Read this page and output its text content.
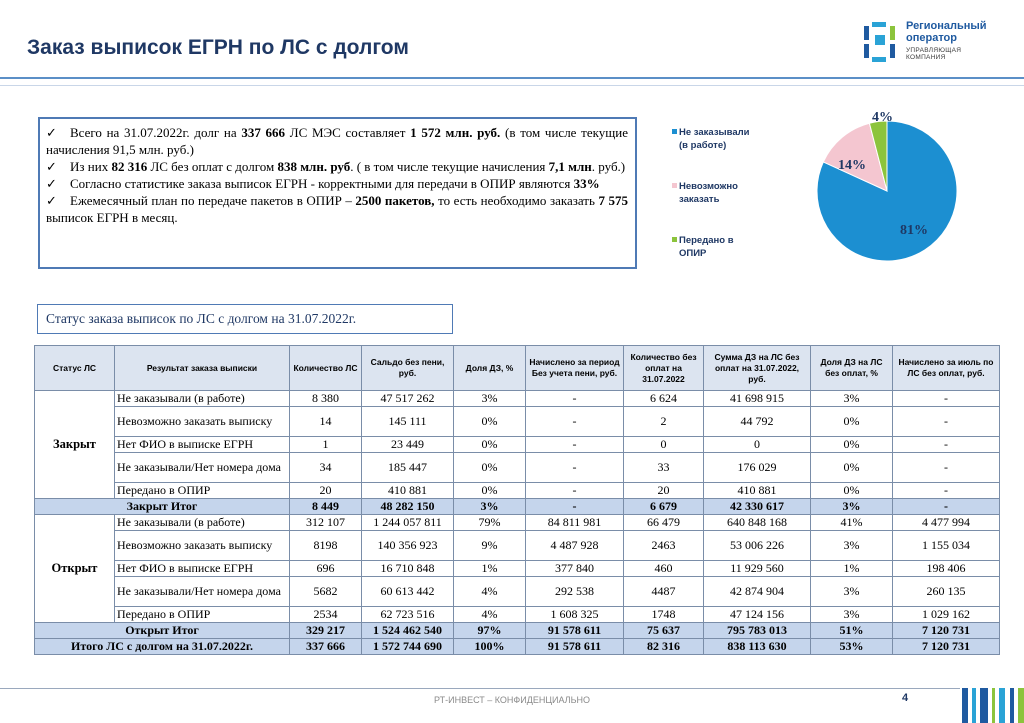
Заказ выписок ЕГРН по ЛС с долгом
Региональный
оператор
УПРАВЛЯЮЩАЯ
КОМПАНИЯ

✓ Всего на 31.07.2022г. долг на 337 666 ЛС МЭС составляет 1 572 млн. руб. (в том числе текущие начисления 91,5 млн. руб.)

✓ Из них 82 316 ЛС без оплат с долгом 838 млн. руб. ( в том числе текущие начисления 7,1 млн. руб.)

✓ Согласно статистике заказа выписок ЕГРН - корректными для передачи в ОПИР являются 33%

✓ Ежемесячный план по передаче пакетов в ОПИР – 2500 пакетов, то есть необходимо заказать 7 575 выписок ЕГРН в месяц.

Не заказывали
(в работе)
Невозможно
заказать
Передано в
ОПИР
4%
14%
81%
Статус заказа выписок по ЛС с долгом на 31.07.2022г.
Статус ЛС	Результат заказа выписки	Количество ЛС	Сальдо без пени, руб.	Доля ДЗ, %	Начислено за период Без учета пени, руб.	Количество без оплат на 31.07.2022	Сумма ДЗ на ЛС без оплат на 31.07.2022, руб.	Доля ДЗ на ЛС без оплат, %	Начислено за июль по ЛС без оплат, руб.
Закрыт	Не заказывали (в работе)	8 380	47 517 262	3%	-	6 624	41 698 915	3%	-
	Невозможно заказать выписку	14	145 111	0%	-	2	44 792	0%	-
	Нет ФИО в выписке ЕГРН	1	23 449	0%	-	0	0	0%	-
	Не заказывали/Нет номера дома	34	185 447	0%	-	33	176 029	0%	-
	Передано в ОПИР	20	410 881	0%	-	20	410 881	0%	-
Закрыт Итог		8 449	48 282 150	3%	-	6 679	42 330 617	3%	-
Открыт	Не заказывали (в работе)	312 107	1 244 057 811	79%	84 811 981	66 479	640 848 168	41%	4 477 994
	Невозможно заказать выписку	8198	140 356 923	9%	4 487 928	2463	53 006 226	3%	1 155 034
	Нет ФИО в выписке ЕГРН	696	16 710 848	1%	377 840	460	11 929 560	1%	198 406
	Не заказывали/Нет номера дома	5682	60 613 442	4%	292 538	4487	42 874 904	3%	260 135
	Передано в ОПИР	2534	62 723 516	4%	1 608 325	1748	47 124 156	3%	1 029 162
Открыт Итог		329 217	1 524 462 540	97%	91 578 611	75 637	795 783 013	51%	7 120 731
Итого ЛС с долгом на 31.07.2022г.		337 666	1 572 744 690	100%	91 578 611	82 316	838 113 630	53%	7 120 731
РТ-ИНВЕСТ – КОНФИДЕНЦИАЛЬНО	4
